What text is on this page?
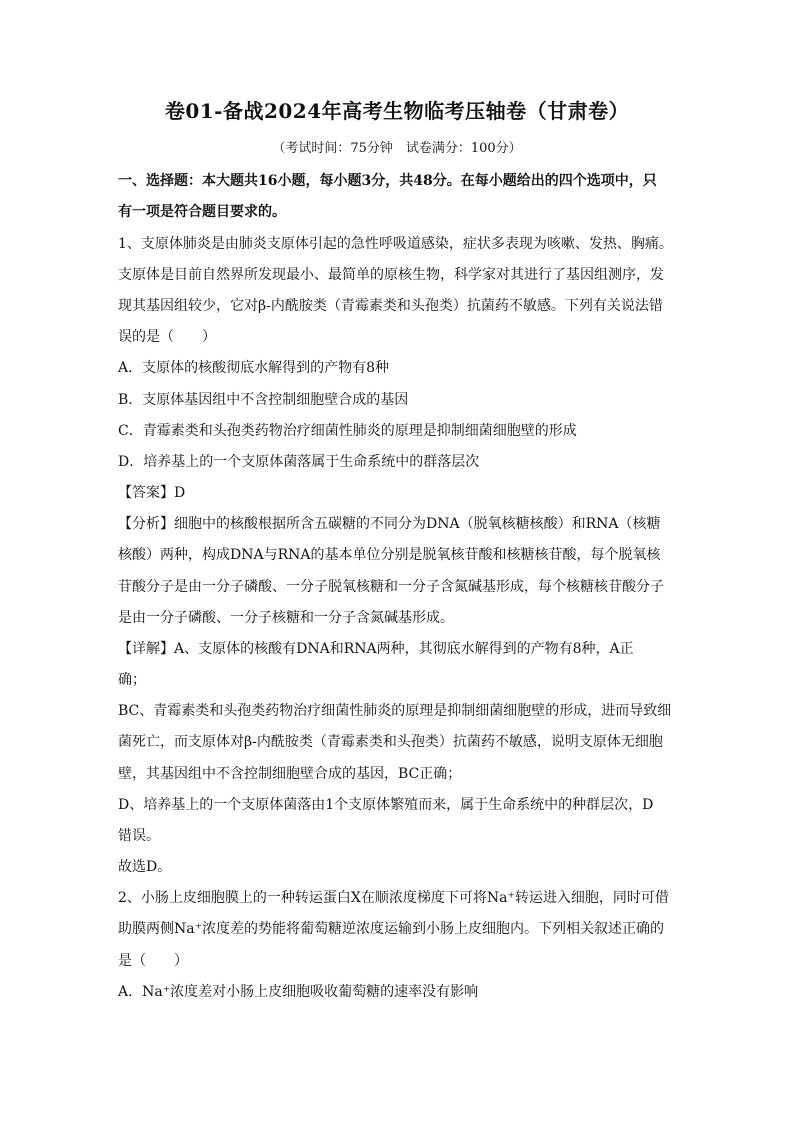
卷01-备战2024年高考生物临考压轴卷（甘肃卷）
（考试时间：75分钟　试卷满分：100分）
一、选择题：本大题共16小题，每小题3分，共48分。在每小题给出的四个选项中，只
有一项是符合题目要求的。
1、支原体肺炎是由肺炎支原体引起的急性呼吸道感染，症状多表现为咳嗽、发热、胸痛。
支原体是目前自然界所发现最小、最简单的原核生物，科学家对其进行了基因组测序，发
现其基因组较少，它对β-内酰胺类（青霉素类和头孢类）抗菌药不敏感。下列有关说法错
误的是（　　）
A．支原体的核酸彻底水解得到的产物有8种
B．支原体基因组中不含控制细胞壁合成的基因
C．青霉素类和头孢类药物治疗细菌性肺炎的原理是抑制细菌细胞壁的形成
D．培养基上的一个支原体菌落属于生命系统中的群落层次
【答案】D
【分析】细胞中的核酸根据所含五碳糖的不同分为DNA（脱氧核糖核酸）和RNA（核糖
核酸）两种，构成DNA与RNA的基本单位分别是脱氧核苷酸和核糖核苷酸，每个脱氧核
苷酸分子是由一分子磷酸、一分子脱氧核糖和一分子含氮碱基形成，每个核糖核苷酸分子
是由一分子磷酸、一分子核糖和一分子含氮碱基形成。
【详解】A、支原体的核酸有DNA和RNA两种，其彻底水解得到的产物有8种，A正
确；
BC、青霉素类和头孢类药物治疗细菌性肺炎的原理是抑制细菌细胞壁的形成，进而导致细
菌死亡，而支原体对β-内酰胺类（青霉素类和头孢类）抗菌药不敏感，说明支原体无细胞
壁，其基因组中不含控制细胞壁合成的基因，BC正确；
D、培养基上的一个支原体菌落由1个支原体繁殖而来，属于生命系统中的种群层次，D
错误。
故选D。
2、小肠上皮细胞膜上的一种转运蛋白X在顺浓度梯度下可将Na⁺转运进入细胞，同时可借
助膜两侧Na⁺浓度差的势能将葡萄糖逆浓度运输到小肠上皮细胞内。下列相关叙述正确的
是（　　）
A．Na⁺浓度差对小肠上皮细胞吸收葡萄糖的速率没有影响
